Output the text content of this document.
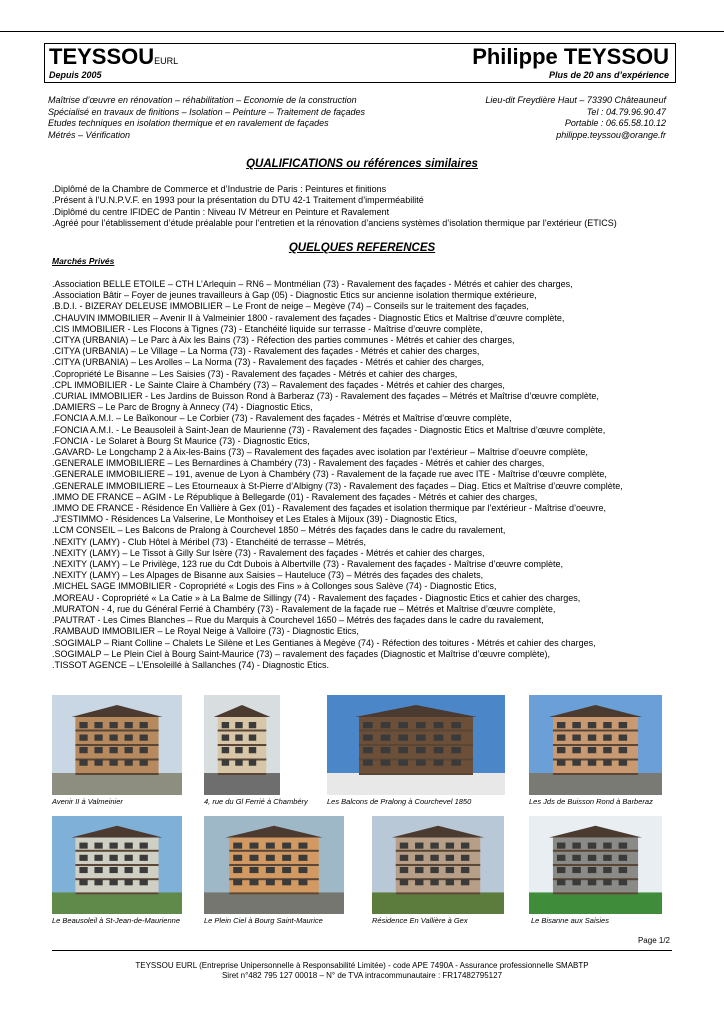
TEYSSOUEURL
Depuis 2005
Philippe TEYSSOU
Plus de 20 ans d’expérience
Maîtrise d’œuvre en rénovation – réhabilitation – Economie de la construction
Spécialisé en travaux de finitions – Isolation – Peinture – Traitement de façades
Etudes techniques en isolation thermique et en ravalement de façades
Métrés – Vérification
Lieu-dit Freydière Haut – 73390 Châteauneuf
Tel : 04.79.96.90.47
Portable : 06.65.58.10.12
philippe.teyssou@orange.fr
QUALIFICATIONS ou références similaires
.Diplômé de la Chambre de Commerce et d’Industrie de Paris : Peintures et finitions
.Présent à l’U.N.P.V.F. en 1993 pour la présentation du DTU 42-1 Traitement d’imperméabilité
.Diplômé du centre IFIDEC de Pantin : Niveau IV Métreur en Peinture et Ravalement
.Agréé pour l’établissement d’étude préalable pour l’entretien et la rénovation d’anciens systèmes d’isolation thermique par l’extérieur (ETICS)
QUELQUES REFERENCES
Marchés Privés
.Association BELLE ETOILE – CTH L’Arlequin – RN6 – Montmélian (73) - Ravalement des façades - Métrés et cahier des charges,
.Association Bâtir – Foyer de jeunes travailleurs à Gap (05) - Diagnostic Etics sur ancienne isolation thermique extérieure,
.B.D.I. - BIZERAY DELEUSE IMMOBILIER – Le Front de neige – Megève (74) – Conseils sur le traitement des façades,
.CHAUVIN IMMOBILIER – Avenir II à Valmeinier 1800 - ravalement des façades - Diagnostic Etics et Maîtrise d’œuvre complète,
.CIS IMMOBILIER - Les Flocons à Tignes (73) - Etanchéité liquide sur terrasse - Maîtrise d’œuvre complète,
.CITYA (URBANIA) – Le Parc à Aix les Bains (73) - Réfection des parties communes - Métrés et cahier des charges,
.CITYA (URBANIA) – Le Village – La Norma (73) - Ravalement des façades - Métrés et cahier des charges,
.CITYA (URBANIA) – Les Arolles – La Norma (73) - Ravalement des façades - Métrés et cahier des charges,
.Copropriété Le Bisanne – Les Saisies (73) - Ravalement des façades - Métrés et cahier des charges,
.CPL IMMOBILIER - Le Sainte Claire à Chambéry (73) – Ravalement des façades - Métrés et cahier des charges,
.CURIAL IMMOBILIER - Les Jardins de Buisson Rond à Barberaz (73) - Ravalement des façades – Métrés et Maîtrise d’œuvre complète,
.DAMIERS – Le Parc de Brogny à Annecy (74) - Diagnostic Etics,
.FONCIA A.M.I. – Le Baïkonour – Le Corbier (73) - Ravalement des façades - Métrés et Maîtrise d’œuvre complète,
.FONCIA A.M.I. - Le Beausoleil à Saint-Jean de Maurienne (73) - Ravalement des façades - Diagnostic Etics et Maîtrise d’œuvre complète,
.FONCIA - Le Solaret à Bourg St Maurice (73) - Diagnostic Etics,
.GAVARD- Le Longchamp 2 à Aix-les-Bains (73) – Ravalement des façades avec isolation par l’extérieur – Maîtrise d’oeuvre complète,
.GENERALE IMMOBILIERE – Les Bernardines à Chambéry (73) - Ravalement des façades - Métrés et cahier des charges,
.GENERALE IMMOBILIERE – 191, avenue de Lyon à Chambéry (73) - Ravalement de la façade rue avec ITE - Maîtrise d’œuvre complète,
.GENERALE IMMOBILIERE – Les Etourneaux à St-Pierre d’Albigny (73) - Ravalement des façades – Diag. Etics et Maîtrise d’œuvre complète,
.IMMO DE FRANCE – AGIM - Le République à Bellegarde (01) - Ravalement des façades - Métrés et cahier des charges,
.IMMO DE FRANCE - Résidence En Vallière à Gex (01) - Ravalement des façades et isolation thermique par l’extérieur - Maîtrise d’oeuvre,
.J’ESTIMMO - Résidences La Valserine, Le Monthoisey et Les Etales à Mijoux (39) - Diagnostic Etics,
.LCM CONSEIL – Les Balcons de Pralong à Courchevel 1850 – Métrés des façades dans le cadre du ravalement,
.NEXITY (LAMY) - Club Hôtel à Méribel (73) - Etanchéité de terrasse – Métrés,
.NEXITY (LAMY) – Le Tissot à Gilly Sur Isère (73) - Ravalement des façades - Métrés et cahier des charges,
.NEXITY (LAMY) – Le Privilège, 123 rue du Cdt Dubois à Albertville (73) - Ravalement des façades - Maîtrise d’œuvre complète,
.NEXITY (LAMY) – Les Alpages de Bisanne aux Saisies – Hauteluce (73) – Métrés des façades des chalets,
.MICHEL SAGE IMMOBILIER - Copropriété « Logis des Fins » à Collonges sous Salève (74) - Diagnostic Etics,
.MOREAU - Copropriété « La Catie » à La Balme de Sillingy (74) - Ravalement des façades - Diagnostic Etics et cahier des charges,
.MURATON - 4, rue du Général Ferrié à Chambéry (73) - Ravalement de la façade rue – Métrés et Maîtrise d’œuvre complète,
.PAUTRAT - Les Cimes Blanches – Rue du Marquis à Courchevel 1650 – Métrés des façades dans le cadre du ravalement,
.RAMBAUD IMMOBILIER – Le Royal Neige à Valloire (73) - Diagnostic Etics,
.SOGIMALP – Riant Colline – Chalets Le Silène et Les Gentianes à Megève (74) - Réfection des toitures - Métrés et cahier des charges,
.SOGIMALP – Le Plein Ciel à Bourg Saint-Maurice (73) – ravalement des façades (Diagnostic et Maîtrise d’œuvre complète),
.TISSOT AGENCE – L’Ensoleillé à Sallanches (74) - Diagnostic Etics.
Avenir II à Valmeinier	4, rue du Gl Ferrié à Chambéry	Les Balcons de Pralong à Courchevel 1850	Les Jds de Buisson Rond à Barberaz
Le Beausoleil à St-Jean-de-Maurienne	Le Plein Ciel à Bourg Saint-Maurice	Résidence En Vallière à Gex	Le Bisanne aux Saisies
Page 1/2
TEYSSOU EURL (Entreprise Unipersonnelle à Responsabilité Limitée) - code APE 7490A - Assurance professionnelle SMABTP
Siret n°482 795 127 00018 – N° de TVA intracommunautaire : FR17482795127
